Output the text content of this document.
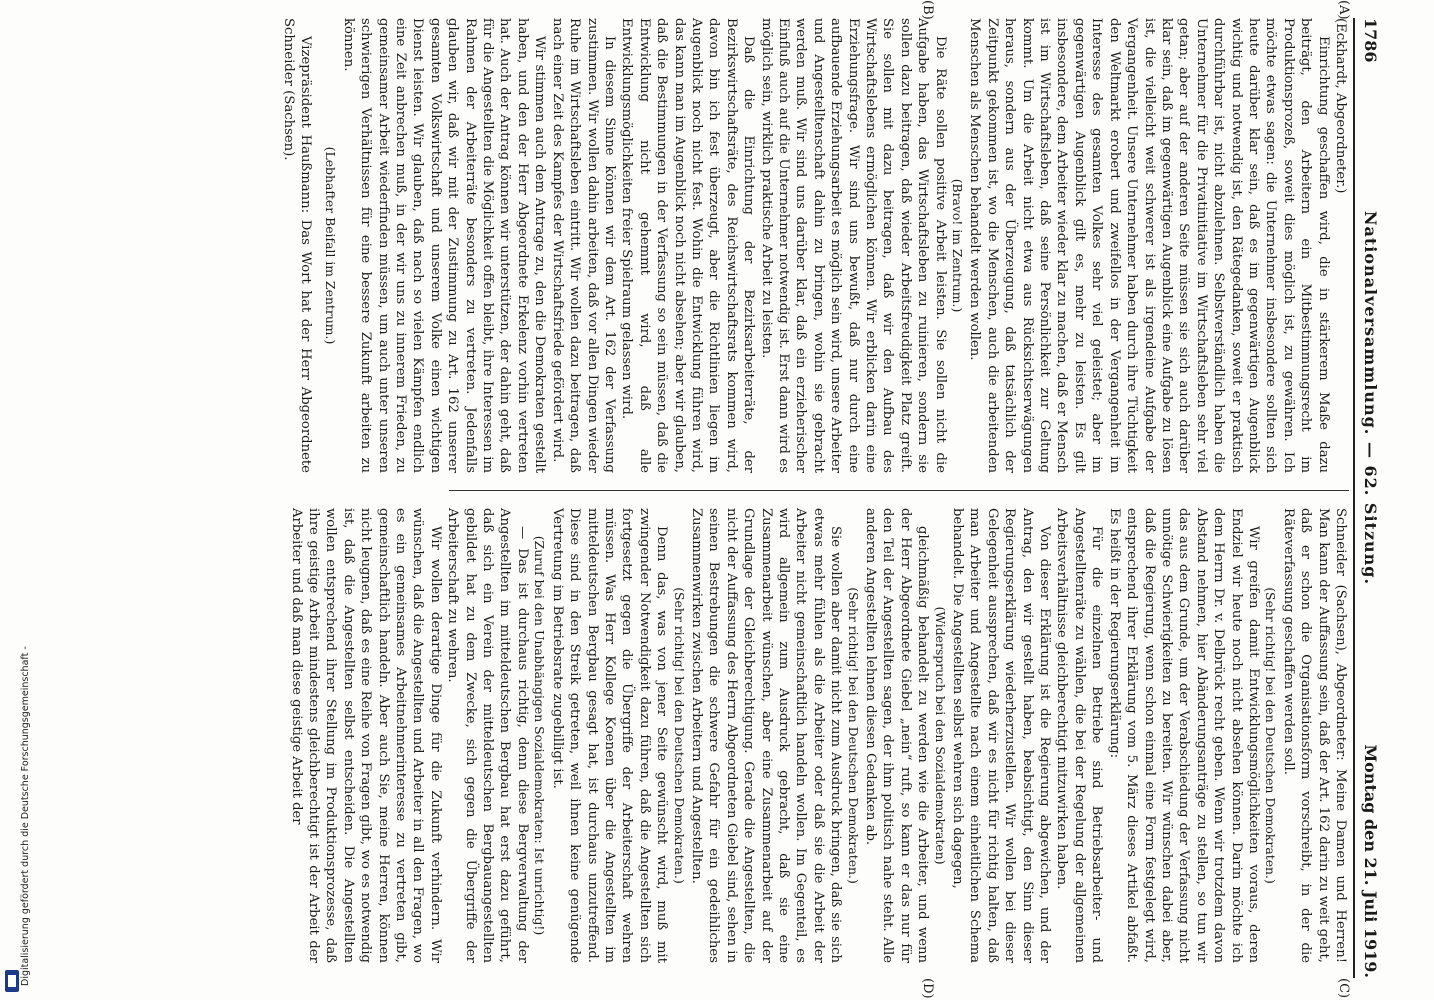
Digitalisierung gefördert durch die Deutsche Forschungsgemeinschaft -
1786
Nationalversammlung. — 62. Sitzung.
Montag den 21. Juli 1919.
(A)
(B)
(C)
(D)

(Eckhardt, Abgeordneter.)

Einrichtung geschaffen wird, die in stärkerem Maße dazu beiträgt, den Arbeitern ein Mitbestimmungsrecht im Produktionsprozeß, soweit dies möglich ist, zu gewähren. Ich möchte etwas sagen: die Unternehmer insbesondere sollten sich heute darüber klar sein, daß es im gegenwärtigen Augenblick wichtig und notwendig ist, den Rätegedanken, soweit er praktisch durchführbar ist, nicht abzulehnen. Selbstverständlich haben die Unternehmer für die Privatinitiative im Wirtschaftsleben sehr viel getan; aber auf der anderen Seite müssen sie sich auch darüber klar sein, daß im gegenwärtigen Augenblick eine Aufgabe zu lösen ist, die vielleicht weit schwerer ist als irgendeine Aufgabe der Vergangenheit. Unsere Unternehmer haben durch ihre Tüchtigkeit den Weltmarkt erobert und zweifellos in der Vergangenheit im Interesse des gesamten Volkes sehr viel geleistet; aber im gegenwärtigen Augenblick gilt es, mehr zu leisten. Es gilt insbesondere, dem Arbeiter wieder klar zu machen, daß er Mensch ist im Wirtschaftsleben, daß seine Persönlichkeit zur Geltung kommt. Um die Arbeit nicht etwa aus Rücksichtserwägungen heraus, sondern aus der Überzeugung, daß tatsächlich der Zeitpunkt gekommen ist, wo die Menschen, auch die arbeitenden Menschen als Menschen behandelt werden wollen.

(Bravo! im Zentrum.)

Die Räte sollen positive Arbeit leisten. Sie sollen nicht die Aufgabe haben, das Wirtschaftsleben zu ruinieren, sondern sie sollen dazu beitragen, daß wieder Arbeitsfreudigkeit Platz greift. Sie sollen mit dazu beitragen, daß wir den Aufbau des Wirtschaftslebens ermöglichen können. Wir erblicken darin eine Erziehungsfrage. Wir sind uns bewußt, daß nur durch eine aufbauende Erziehungsarbeit es möglich sein wird, unsere Arbeiter und Angestelltenschaft dahin zu bringen, wohin sie gebracht werden muß. Wir sind uns darüber klar, daß ein erzieherischer Einfluß auch auf die Unternehmer notwendig ist. Erst dann wird es möglich sein, wirklich praktische Arbeit zu leisten.

Daß die Einrichtung der Bezirksarbeiterräte, der Bezirkswirtschaftsräte, des Reichswirtschaftsrats kommen wird, davon bin ich fest überzeugt, aber die Richtlinien liegen im Augenblick noch nicht fest. Wohin die Entwicklung führen wird, das kann man im Augenblick noch nicht absehen; aber wir glauben, daß die Bestimmungen in der Verfassung so sein müssen, daß die Entwicklung nicht gehemmt wird, daß alle Entwicklungsmöglichkeiten freier Spielraum gelassen wird.

In diesem Sinne können wir dem Art. 162 der Verfassung zustimmen. Wir wollen dahin arbeiten, daß vor allen Dingen wieder Ruhe im Wirtschaftsleben eintritt. Wir wollen dazu beitragen, daß nach einer Zeit des Kampfes der Wirtschaftsfriede gefördert wird.

Wir stimmen auch dem Antrage zu, den die Demokraten gestellt haben, und den der Herr Abgeordnete Erkelenz vorhin vertreten hat. Auch der Antrag können wir unterstützen, der dahin geht, daß für die Angestellten die Möglichkeit offen bleibt, ihre Interessen im Rahmen der Arbeiterräte besonders zu vertreten. Jedenfalls glauben wir, daß wir mit der Zustimmung zu Art. 162 unserer gesamten Volkswirtschaft und unserem Volke einen wichtigen Dienst leisten. Wir glauben, daß nach so vielen Kämpfen endlich eine Zeit anbrechen muß, in der wir uns zu innerem Frieden, zu gemeinsamer Arbeit wiederfinden müssen, um auch unter unseren schwierigen Verhältnissen für eine bessere Zukunft arbeiten zu können.

(Lebhafter Beifall im Zentrum.)

Vizepräsident Haußmann: Das Wort hat der Herr Abgeordnete Schneider (Sachsen).

Schneider (Sachsen), Abgeordneter: Meine Damen und Herren! Man kann der Auffassung sein, daß der Art. 162 darin zu weit geht, daß er schon die Organisationsform vorschreibt, in der die Räteverfassung geschaffen werden soll.

(Sehr richtig! bei den Deutschen Demokraten.)

Wir greifen damit Entwicklungsmöglichkeiten voraus, deren Endziel wir heute noch nicht absehen können. Darin möchte ich dem Herrn Dr. v. Delbrück recht geben. Wenn wir trotzdem davon Abstand nehmen, hier Abänderungsanträge zu stellen, so tun wir das aus dem Grunde, um der Verabschiedung der Verfassung nicht unnötige Schwierigkeiten zu bereiten. Wir wünschen dabei aber, daß die Regierung, wenn schon einmal eine Form festgelegt wird, entsprechend ihrer Erklärung vom 5. März dieses Artikel abfaßt. Es heißt in der Regierungserklärung:

Für die einzelnen Betriebe sind Betriebsarbeiter- und Angestelltenräte zu wählen, die bei der Regelung der allgemeinen Arbeitsverhältnisse gleichberechtigt mitzuwirken haben.

Von dieser Erklärung ist die Regierung abgewichen, und der Antrag, den wir gestellt haben, beabsichtigt, den Sinn dieser Regierungserklärung wiederherzustellen. Wir wollen bei dieser Gelegenheit aussprechen, daß wir es nicht für richtig halten, daß man Arbeiter und Angestellte nach einem einheitlichen Schema behandelt. Die Angestellten selbst wehren sich dagegen,

(Widerspruch bei den Sozialdemokraten)

gleichmäßig behandelt zu werden wie die Arbeiter, und wenn der Herr Abgeordnete Giebel „nein“ ruft, so kann er das nur für den Teil der Angestellten sagen, der ihm politisch nahe steht. Alle anderen Angestellten lehnen diesen Gedanken ab.

(Sehr richtig! bei den Deutschen Demokraten.)

Sie wollen aber damit nicht zum Ausdruck bringen, daß sie sich etwas mehr fühlen als die Arbeiter oder daß sie die Arbeit der Arbeiter nicht gemeinschaftlich handeln wollen. Im Gegenteil, es wird allgemein zum Ausdruck gebracht, daß sie eine Zusammenarbeit wünschen, aber eine Zusammenarbeit auf der Grundlage der Gleichberechtigung. Gerade die Angestellten, die nicht der Auffassung des Herrn Abgeordneten Giebel sind, sehen in seinen Bestrebungen die schwere Gefahr für ein gedeihliches Zusammenwirken zwischen Arbeitern und Angestellten.

(Sehr richtig! bei den Deutschen Demokraten.)

Denn das, was von jener Seite gewünscht wird, muß mit zwingender Notwendigkeit dazu führen, daß die Angestellten sich fortgesetzt gegen die Übergriffe der Arbeiterschaft wehren müssen. Was Herr Kollege Koenen über die Angestellten im mitteldeutschen Bergbau gesagt hat, ist durchaus unzutreffend. Diese sind in den Streik getreten, weil ihnen keine genügende Vertretung im Betriebsrate zugebilligt ist.

(Zuruf bei den Unabhängigen Sozialdemokraten: Ist unrichtig!)

— Das ist durchaus richtig, denn diese Bergverwaltung der Angestellten im mitteldeutschen Bergbau hat erst dazu geführt, daß sich ein Verein der mitteldeutschen Bergbauangestellten gebildet hat zu dem Zwecke, sich gegen die Übergriffe der Arbeiterschaft zu wehren.

Wir wollen derartige Dinge für die Zukunft verhindern. Wir wünschen, daß die Angestellten und Arbeiter in all den Fragen, wo es ein gemeinsames Arbeitnehmerinteresse zu vertreten gibt, gemeinschaftlich handeln. Aber auch Sie, meine Herren, können nicht leugnen, daß es eine Reihe von Fragen gibt, wo es notwendig ist, daß die Angestellten selbst entscheiden. Die Angestellten wollen entsprechend ihrer Stellung im Produktionsprozesse, daß ihre geistige Arbeit mindestens gleichberechtigt ist der Arbeit der Arbeiter und daß man diese geistige Arbeit der
